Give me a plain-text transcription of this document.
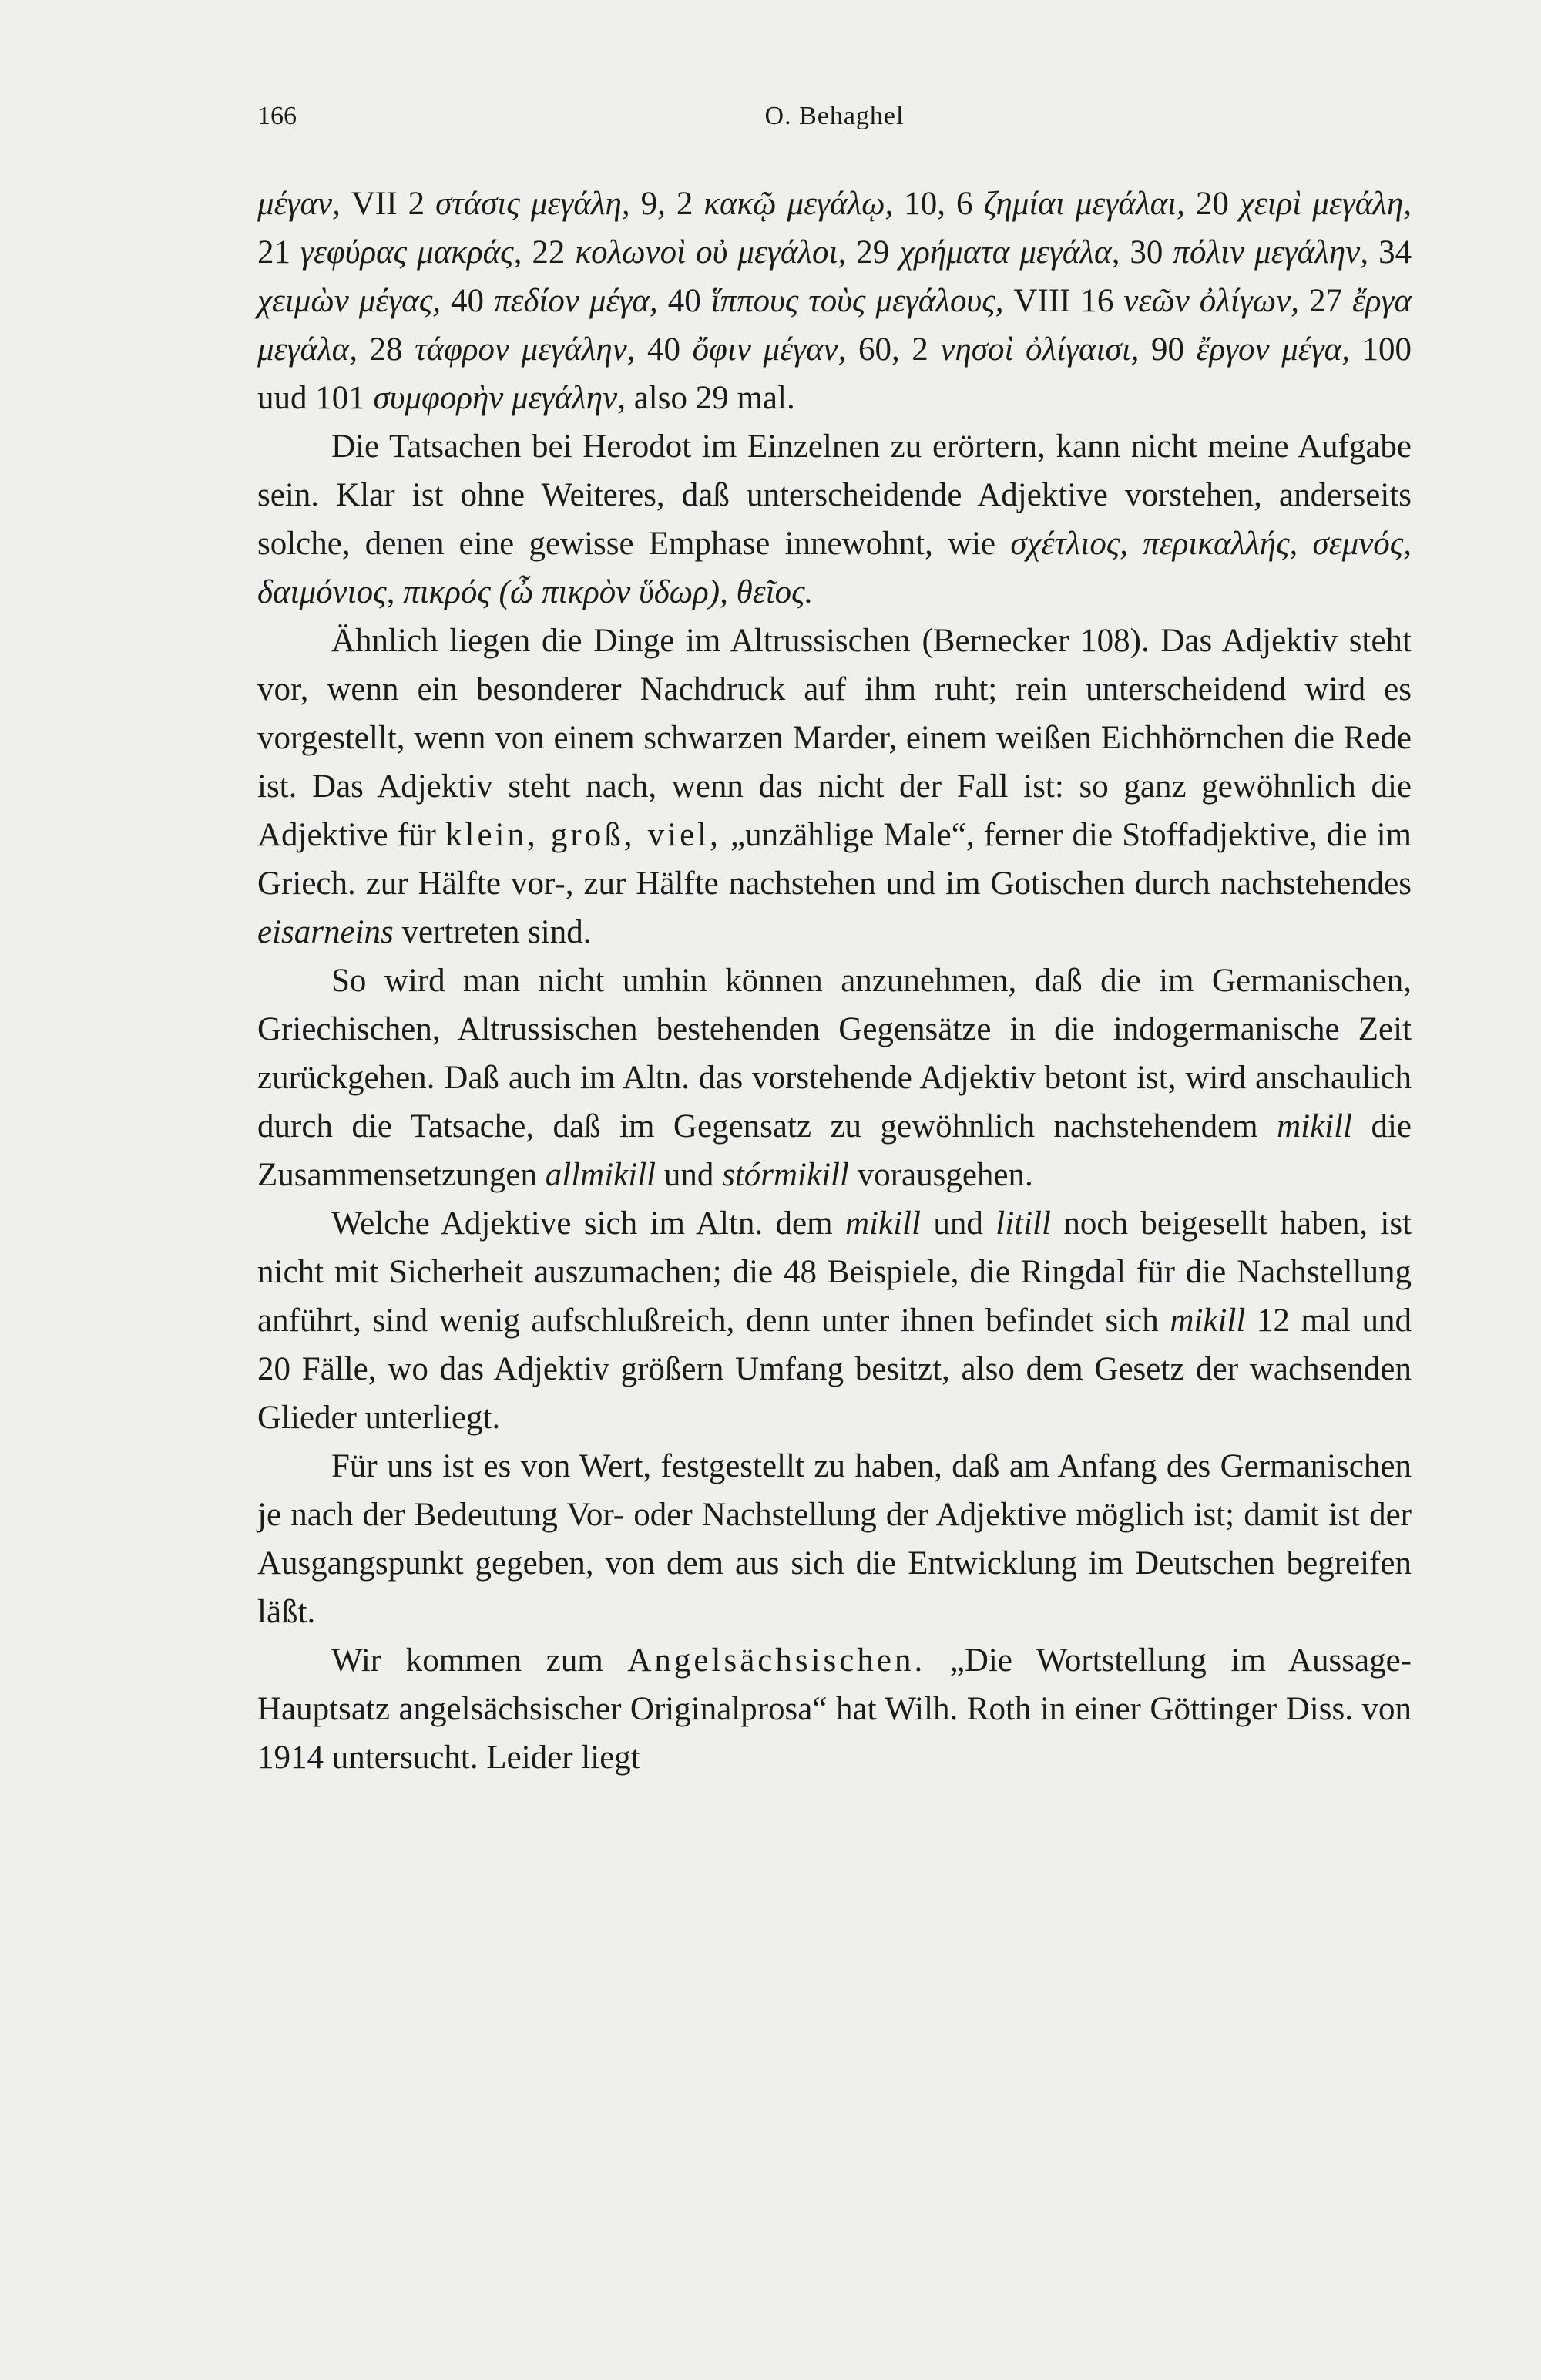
166	O. Behaghel

μέγαν, VII 2 στάσις μεγάλη, 9, 2 κακῷ μεγάλῳ, 10, 6 ζημίαι μεγάλαι, 20 χειρὶ μεγάλη, 21 γεφύρας μακράς, 22 κολωνοὶ οὐ μεγάλοι, 29 χρήματα μεγάλα, 30 πόλιν μεγάλην, 34 χειμὼν μέγας, 40 πεδίον μέγα, 40 ἵππους τοὺς μεγάλους, VIII 16 νεῶν ὀλίγων, 27 ἔργα μεγάλα, 28 τάφρον μεγάλην, 40 ὄφιν μέγαν, 60, 2 νησοὶ ὀλίγαισι, 90 ἔργον μέγα, 100 uud 101 συμφορὴν μεγάλην, also 29 mal.

Die Tatsachen bei Herodot im Einzelnen zu erörtern, kann nicht meine Aufgabe sein. Klar ist ohne Weiteres, daß unterscheidende Adjektive vorstehen, anderseits solche, denen eine gewisse Emphase innewohnt, wie σχέτλιος, περικαλλής, σεμνός, δαιμόνιος, πικρός (ὦ πικρὸν ὕδωρ), θεῖος.

Ähnlich liegen die Dinge im Altrussischen (Bernecker 108). Das Adjektiv steht vor, wenn ein besonderer Nachdruck auf ihm ruht; rein unterscheidend wird es vorgestellt, wenn von einem schwarzen Marder, einem weißen Eichhörnchen die Rede ist. Das Adjektiv steht nach, wenn das nicht der Fall ist: so ganz gewöhnlich die Adjektive für klein, groß, viel, „unzählige Male“, ferner die Stoffadjektive, die im Griech. zur Hälfte vor-, zur Hälfte nachstehen und im Gotischen durch nachstehendes eisarneins vertreten sind.

So wird man nicht umhin können anzunehmen, daß die im Germanischen, Griechischen, Altrussischen bestehenden Gegensätze in die indogermanische Zeit zurückgehen. Daß auch im Altn. das vorstehende Adjektiv betont ist, wird anschaulich durch die Tatsache, daß im Gegensatz zu gewöhnlich nachstehendem mikill die Zusammensetzungen allmikill und stórmikill vorausgehen.

Welche Adjektive sich im Altn. dem mikill und litill noch beigesellt haben, ist nicht mit Sicherheit auszumachen; die 48 Beispiele, die Ringdal für die Nachstellung anführt, sind wenig aufschlußreich, denn unter ihnen befindet sich mikill 12 mal und 20 Fälle, wo das Adjektiv größern Umfang besitzt, also dem Gesetz der wachsenden Glieder unterliegt.

Für uns ist es von Wert, festgestellt zu haben, daß am Anfang des Germanischen je nach der Bedeutung Vor- oder Nachstellung der Adjektive möglich ist; damit ist der Ausgangspunkt gegeben, von dem aus sich die Entwicklung im Deutschen begreifen läßt.

Wir kommen zum Angelsächsischen. „Die Wortstellung im Aussage-Hauptsatz angelsächsischer Originalprosa“ hat Wilh. Roth in einer Göttinger Diss. von 1914 untersucht. Leider liegt
